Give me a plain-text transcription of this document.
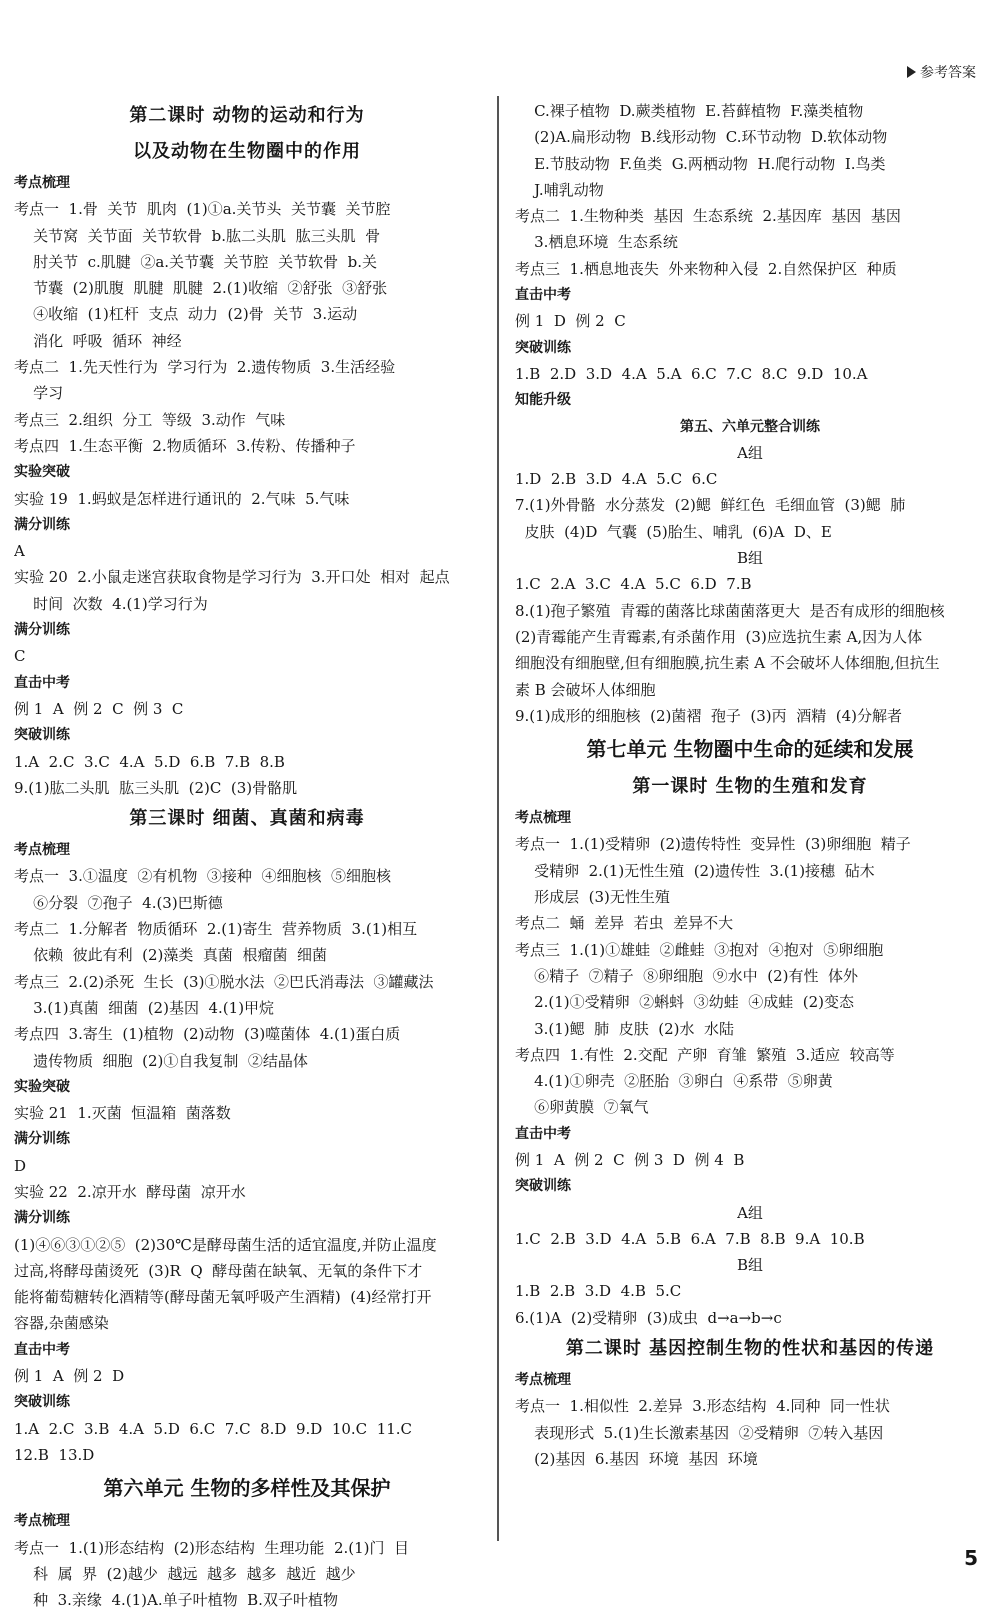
参考答案
第二课时 动物的运动和行为
以及动物在生物圈中的作用
考点梳理
考点一  1.骨  关节  肌肉  (1)①a.关节头  关节囊  关节腔
关节窝  关节面  关节软骨  b.肱二头肌  肱三头肌  骨
肘关节  c.肌腱  ②a.关节囊  关节腔  关节软骨  b.关
节囊  (2)肌腹  肌腱  肌腱  2.(1)收缩  ②舒张  ③舒张
④收缩  (1)杠杆  支点  动力  (2)骨  关节  3.运动
消化  呼吸  循环  神经
考点二  1.先天性行为  学习行为  2.遗传物质  3.生活经验
学习
考点三  2.组织  分工  等级  3.动作  气味
考点四  1.生态平衡  2.物质循环  3.传粉、传播种子
实验突破
实验 19  1.蚂蚁是怎样进行通讯的  2.气味  5.气味
满分训练
A
实验 20  2.小鼠走迷宫获取食物是学习行为  3.开口处  相对  起点
时间  次数  4.(1)学习行为
满分训练
C
直击中考
例 1  A  例 2  C  例 3  C
突破训练
1.A  2.C  3.C  4.A  5.D  6.B  7.B  8.B
9.(1)肱二头肌  肱三头肌  (2)C  (3)骨骼肌
第三课时 细菌、真菌和病毒
考点梳理
考点一  3.①温度  ②有机物  ③接种  ④细胞核  ⑤细胞核
⑥分裂  ⑦孢子  4.(3)巴斯德
考点二  1.分解者  物质循环  2.(1)寄生  营养物质  3.(1)相互
依赖  彼此有利  (2)藻类  真菌  根瘤菌  细菌
考点三  2.(2)杀死  生长  (3)①脱水法  ②巴氏消毒法  ③罐藏法
3.(1)真菌  细菌  (2)基因  4.(1)甲烷
考点四  3.寄生  (1)植物  (2)动物  (3)噬菌体  4.(1)蛋白质
遗传物质  细胞  (2)①自我复制  ②结晶体
实验突破
实验 21  1.灭菌  恒温箱  菌落数
满分训练
D
实验 22  2.凉开水  酵母菌  凉开水
满分训练
(1)④⑥③①②⑤  (2)30℃是酵母菌生活的适宜温度,并防止温度
过高,将酵母菌烫死  (3)R  Q  酵母菌在缺氧、无氧的条件下才
能将葡萄糖转化酒精等(酵母菌无氧呼吸产生酒精)  (4)经常打开
容器,杂菌感染
直击中考
例 1  A  例 2  D
突破训练
1.A  2.C  3.B  4.A  5.D  6.C  7.C  8.D  9.D  10.C  11.C
12.B  13.D
第六单元 生物的多样性及其保护
考点梳理
考点一  1.(1)形态结构  (2)形态结构  生理功能  2.(1)门  目
科  属  界  (2)越少  越远  越多  越多  越近  越少
种  3.亲缘  4.(1)A.单子叶植物  B.双子叶植物
C.裸子植物  D.蕨类植物  E.苔藓植物  F.藻类植物
(2)A.扁形动物  B.线形动物  C.环节动物  D.软体动物
E.节肢动物  F.鱼类  G.两栖动物  H.爬行动物  I.鸟类
J.哺乳动物
考点二  1.生物种类  基因  生态系统  2.基因库  基因  基因
3.栖息环境  生态系统
考点三  1.栖息地丧失  外来物种入侵  2.自然保护区  种质
直击中考
例 1  D  例 2  C
突破训练
1.B  2.D  3.D  4.A  5.A  6.C  7.C  8.C  9.D  10.A
知能升级
第五、六单元整合训练
A组
1.D  2.B  3.D  4.A  5.C  6.C
7.(1)外骨骼  水分蒸发  (2)鳃  鲜红色  毛细血管  (3)鳃  肺
皮肤  (4)D  气囊  (5)胎生、哺乳  (6)A  D、E
B组
1.C  2.A  3.C  4.A  5.C  6.D  7.B
8.(1)孢子繁殖  青霉的菌落比球菌菌落更大  是否有成形的细胞核
(2)青霉能产生青霉素,有杀菌作用  (3)应选抗生素 A,因为人体
细胞没有细胞壁,但有细胞膜,抗生素 A 不会破坏人体细胞,但抗生
素 B 会破坏人体细胞
9.(1)成形的细胞核  (2)菌褶  孢子  (3)丙  酒精  (4)分解者
第七单元 生物圈中生命的延续和发展
第一课时 生物的生殖和发育
考点梳理
考点一  1.(1)受精卵  (2)遗传特性  变异性  (3)卵细胞  精子
受精卵  2.(1)无性生殖  (2)遗传性  3.(1)接穗  砧木
形成层  (3)无性生殖
考点二  蛹  差异  若虫  差异不大
考点三  1.(1)①雄蛙  ②雌蛙  ③抱对  ④抱对  ⑤卵细胞
⑥精子  ⑦精子  ⑧卵细胞  ⑨水中  (2)有性  体外
2.(1)①受精卵  ②蝌蚪  ③幼蛙  ④成蛙  (2)变态
3.(1)鳃  肺  皮肤  (2)水  水陆
考点四  1.有性  2.交配  产卵  育雏  繁殖  3.适应  较高等
4.(1)①卵壳  ②胚胎  ③卵白  ④系带  ⑤卵黄
⑥卵黄膜  ⑦氧气
直击中考
例 1  A  例 2  C  例 3  D  例 4  B
突破训练
A组
1.C  2.B  3.D  4.A  5.B  6.A  7.B  8.B  9.A  10.B
B组
1.B  2.B  3.D  4.B  5.C
6.(1)A  (2)受精卵  (3)成虫  d→a→b→c
第二课时 基因控制生物的性状和基因的传递
考点梳理
考点一  1.相似性  2.差异  3.形态结构  4.同种  同一性状
表现形式  5.(1)生长激素基因  ②受精卵  ⑦转入基因
(2)基因  6.基因  环境  基因  环境
5
